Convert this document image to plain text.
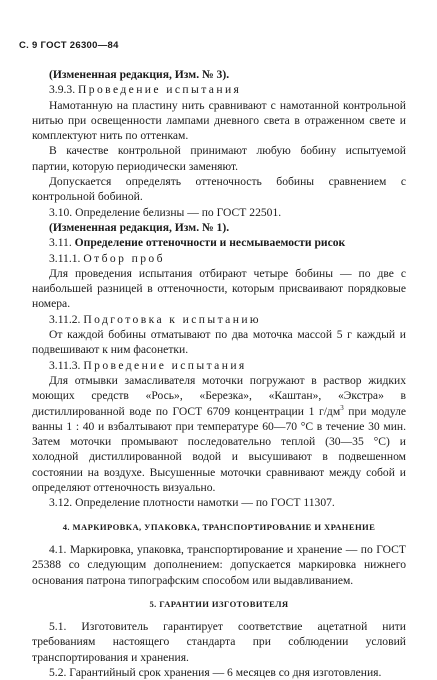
С. 9 ГОСТ 26300—84

(Измененная редакция, Изм. № 3).

3.9.3. Проведение испытания

Намотанную на пластину нить сравнивают с намотанной контрольной нитью при освещенности лампами дневного света в отраженном свете и комплектуют нить по оттенкам.

В качестве контрольной принимают любую бобину испытуемой партии, которую периодически заменяют.

Допускается определять оттеночность бобины сравнением с контрольной бобиной.

3.10. Определение белизны — по ГОСТ 22501.

(Измененная редакция, Изм. № 1).

3.11. Определение оттеночности и несмываемости рисок

3.11.1. Отбор проб

Для проведения испытания отбирают четыре бобины — по две с наибольшей разницей в оттеночности, которым присваивают порядковые номера.

3.11.2. Подготовка к испытанию

От каждой бобины отматывают по два моточка массой 5 г каждый и подвешивают к ним фасонетки.

3.11.3. Проведение испытания

Для отмывки замасливателя моточки погружают в раствор жидких моющих средств «Рось», «Березка», «Каштан», «Экстра» в дистиллированной воде по ГОСТ 6709 концентрации 1 $г/дм^3$ при модуле ванны 1 : 40 и взбалтывают при температуре 60—70 °С в течение 30 мин. Затем моточки промывают последовательно теплой (30—35 °С) и холодной дистиллированной водой и высушивают в подвешенном состоянии на воздухе. Высушенные моточки сравнивают между собой и определяют оттеночность визуально.

3.12. Определение плотности намотки — по ГОСТ 11307.

4. МАРКИРОВКА, УПАКОВКА, ТРАНСПОРТИРОВАНИЕ И ХРАНЕНИЕ

4.1. Маркировка, упаковка, транспортирование и хранение — по ГОСТ 25388 со следующим дополнением: допускается маркировка нижнего основания патрона типографским способом или выдавливанием.

5. ГАРАНТИИ ИЗГОТОВИТЕЛЯ

5.1. Изготовитель гарантирует соответствие ацетатной нити требованиям настоящего стандарта при соблюдении условий транспортирования и хранения.

5.2. Гарантийный срок хранения — 6 месяцев со дня изготовления.
